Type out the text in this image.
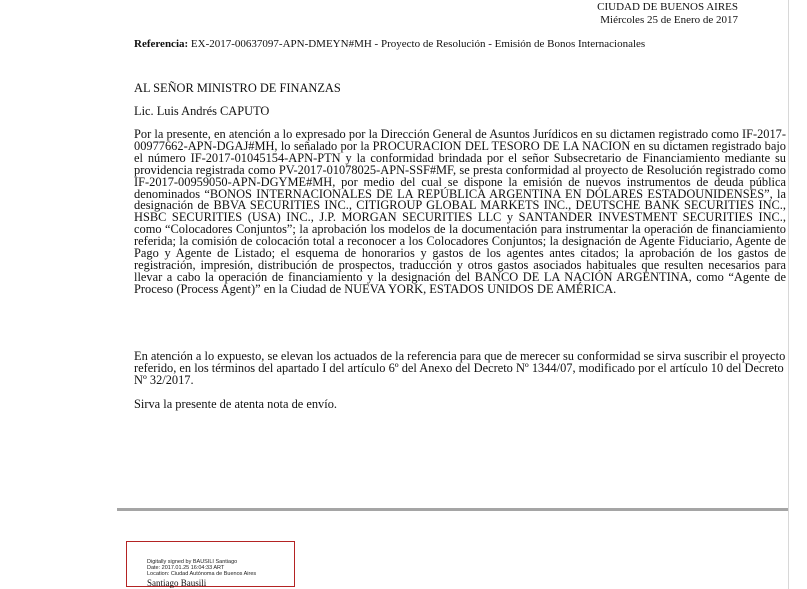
CIUDAD DE BUENOS AIRES
Miércoles 25 de Enero de 2017
Referencia: EX-2017-00637097-APN-DMEYN#MH - Proyecto de Resolución - Emisión de Bonos Internacionales
AL SEÑOR MINISTRO DE FINANZAS
Lic. Luis Andrés CAPUTO
Por la presente, en atención a lo expresado por la Dirección General de Asuntos Jurídicos en su dictamen registrado como IF-2017-00977662-APN-DGAJ#MH, lo señalado por la PROCURACION DEL TESORO DE LA NACION en su dictamen registrado bajo el número IF-2017-01045154-APN-PTN y la conformidad brindada por el señor Subsecretario de Financiamiento mediante su providencia registrada como PV-2017-01078025-APN-SSF#MF, se presta conformidad al proyecto de Resolución registrado como IF-2017-00959050-APN-DGYME#MH, por medio del cual se dispone la emisión de nuevos instrumentos de deuda pública denominados “BONOS INTERNACIONALES DE LA REPÚBLICA ARGENTINA EN DÓLARES ESTADOUNIDENSES”, la designación de BBVA SECURITIES INC., CITIGROUP GLOBAL MARKETS INC., DEUTSCHE BANK SECURITIES INC., HSBC SECURITIES (USA) INC., J.P. MORGAN SECURITIES LLC y SANTANDER INVESTMENT SECURITIES INC., como “Colocadores Conjuntos”; la aprobación los modelos de la documentación para instrumentar la operación de financiamiento referida; la comisión de colocación total a reconocer a los Colocadores Conjuntos; la designación de Agente Fiduciario, Agente de Pago y Agente de Listado; el esquema de honorarios y gastos de los agentes antes citados; la aprobación de los gastos de registración, impresión, distribución de prospectos, traducción y otros gastos asociados habituales que resulten necesarios para llevar a cabo la operación de financiamiento y la designación del BANCO DE LA NACIÓN ARGENTINA, como “Agente de Proceso (Process Agent)” en la Ciudad de NUEVA YORK, ESTADOS UNIDOS DE AMÉRICA.
En atención a lo expuesto, se elevan los actuados de la referencia para que de merecer su conformidad se sirva suscribir el proyecto referido, en los términos del apartado I del artículo 6º del Anexo del Decreto Nº 1344/07, modificado por el artículo 10 del Decreto Nº 32/2017.
Sirva la presente de atenta nota de envío.
Digitally signed by BAUSILI Santiago
Date: 2017.01.25 16:04:33 ART
Location: Ciudad Autónoma de Buenos Aires
Santiago Bausili
